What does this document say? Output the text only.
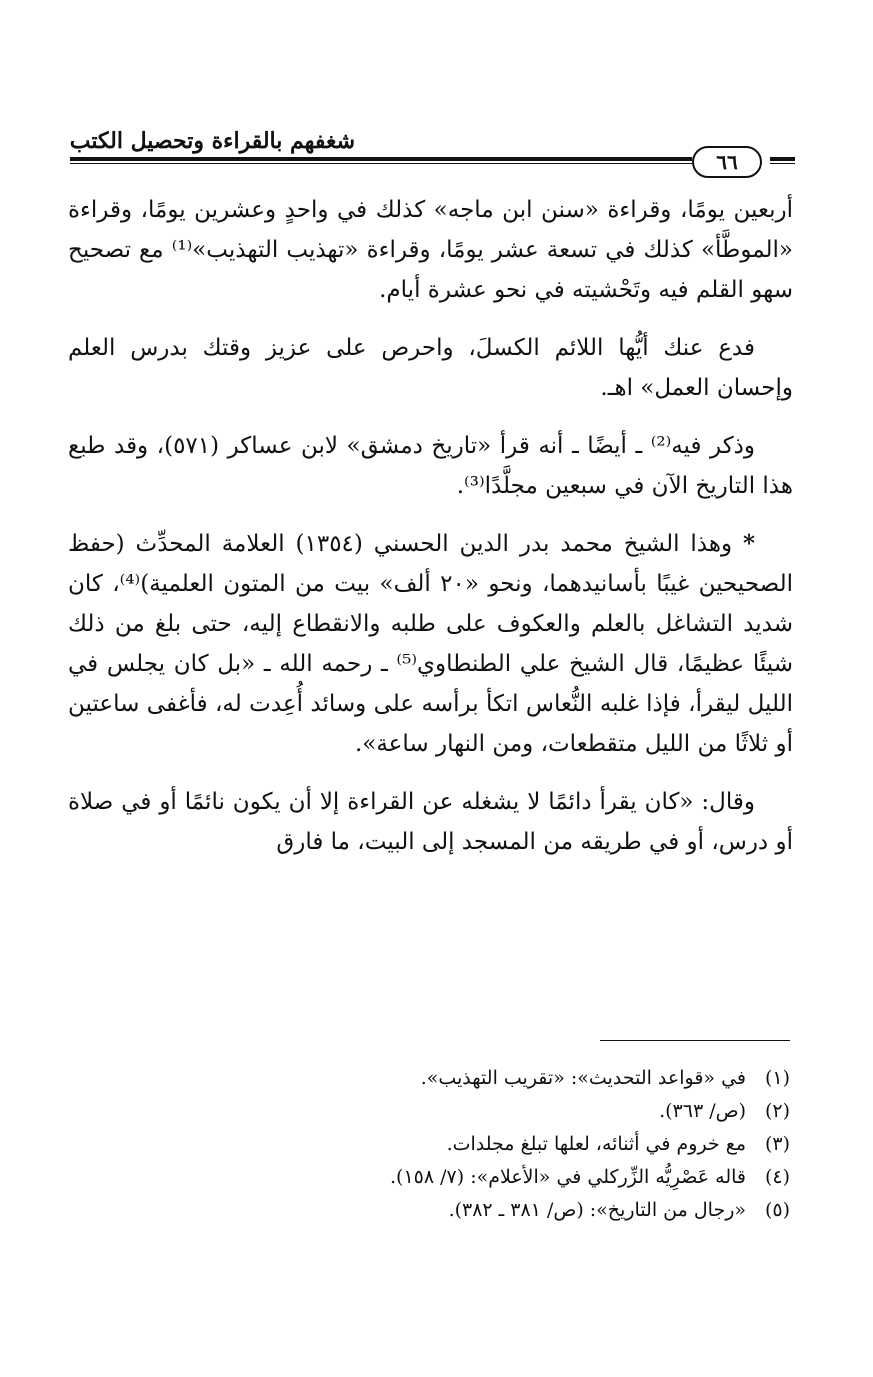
شغفهم بالقراءة وتحصيل الكتب
٦٦

أربعين يومًا، وقراءة «سنن ابن ماجه» كذلك في واحدٍ وعشرين يومًا، وقراءة «الموطَّأ» كذلك في تسعة عشر يومًا، وقراءة «تهذيب التهذيب»⁽¹⁾ مع تصحيح سهو القلم فيه وتَحْشيته في نحو عشرة أيام.

فدع عنك أيُّها اللائم الكسلَ، واحرص على عزيز وقتك بدرس العلم وإحسان العمل» اهـ.

وذكر فيه⁽²⁾ ـ أيضًا ـ أنه قرأ «تاريخ دمشق» لابن عساكر (٥٧١)، وقد طبع هذا التاريخ الآن في سبعين مجلَّدًا⁽³⁾.

* وهذا الشيخ محمد بدر الدين الحسني (١٣٥٤) العلامة المحدِّث (حفظ الصحيحين غيبًا بأسانيدهما، ونحو «٢٠ ألف» بيت من المتون العلمية)⁽⁴⁾، كان شديد التشاغل بالعلم والعكوف على طلبه والانقطاع إليه، حتى بلغ من ذلك شيئًا عظيمًا، قال الشيخ علي الطنطاوي⁽⁵⁾ ـ رحمه الله ـ «بل كان يجلس في الليل ليقرأ، فإذا غلبه النُّعاس اتكأ برأسه على وسائد أُعِدت له، فأغفى ساعتين أو ثلاثًا من الليل متقطعات، ومن النهار ساعة».

وقال: «كان يقرأ دائمًا لا يشغله عن القراءة إلا أن يكون نائمًا أو في صلاة أو درس، أو في طريقه من المسجد إلى البيت، ما فارق

(١)
في «قواعد التحديث»: «تقريب التهذيب».
(٢)
(ص/ ٣٦٣).
(٣)
مع خروم في أثنائه، لعلها تبلغ مجلدات.
(٤)
قاله عَصْرِيُّه الزِّركلي في «الأعلام»: (٧/ ١٥٨).
(٥)
«رجال من التاريخ»: (ص/ ٣٨١ ـ ٣٨٢).
